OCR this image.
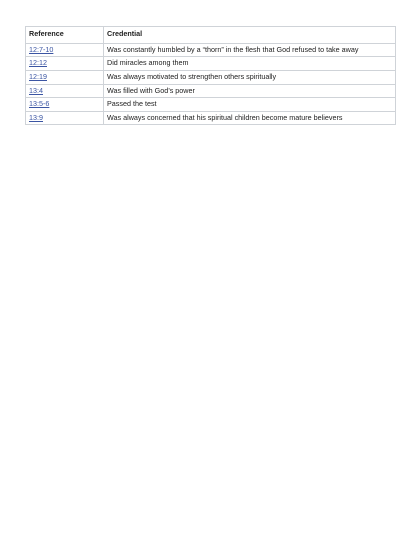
Reference	Credential
12:7-10	Was constantly humbled by a “thorn” in the flesh that God refused to take away
12:12	Did miracles among them
12:19	Was always motivated to strengthen others spiritually
13:4	Was filled with God’s power
13:5-6	Passed the test
13:9	Was always concerned that his spiritual children become mature believers
